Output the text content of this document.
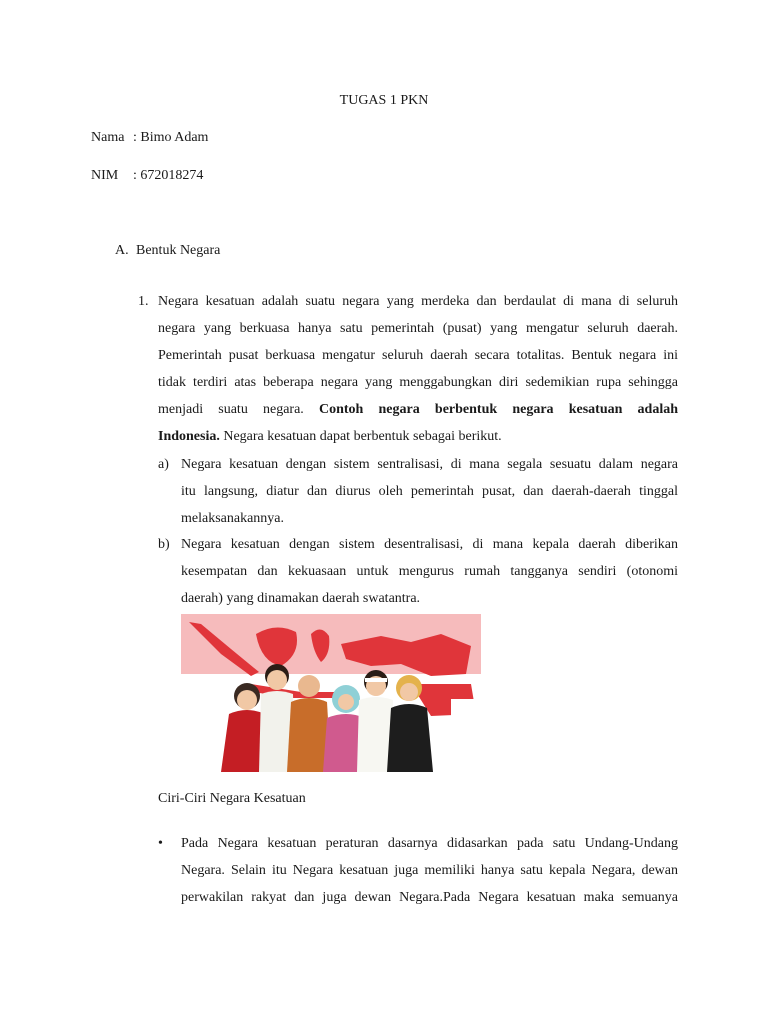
TUGAS 1 PKN
Nama : Bimo Adam
NIM : 672018274
A. Bentuk Negara
1. Negara kesatuan adalah suatu negara yang merdeka dan berdaulat di mana di seluruh
negara yang berkuasa hanya satu pemerintah (pusat) yang mengatur seluruh daerah.
Pemerintah pusat berkuasa mengatur seluruh daerah secara totalitas. Bentuk negara ini
tidak terdiri atas beberapa negara yang menggabungkan diri sedemikian rupa sehingga
menjadi suatu negara. Contoh negara berbentuk negara kesatuan adalah
Indonesia. Negara kesatuan dapat berbentuk sebagai berikut.
a) Negara kesatuan dengan sistem sentralisasi, di mana segala sesuatu dalam negara
itu langsung, diatur dan diurus oleh pemerintah pusat, dan daerah-daerah tinggal
melaksanakannya.
b) Negara kesatuan dengan sistem desentralisasi, di mana kepala daerah diberikan
kesempatan dan kekuasaan untuk mengurus rumah tangganya sendiri (otonomi
daerah) yang dinamakan daerah swatantra.
Ciri-Ciri Negara Kesatuan
• Pada Negara kesatuan peraturan dasarnya didasarkan pada satu Undang-Undang
Negara. Selain itu Negara kesatuan juga memiliki hanya satu kepala Negara, dewan
perwakilan rakyat dan juga dewan Negara.Pada Negara kesatuan maka semuanya
